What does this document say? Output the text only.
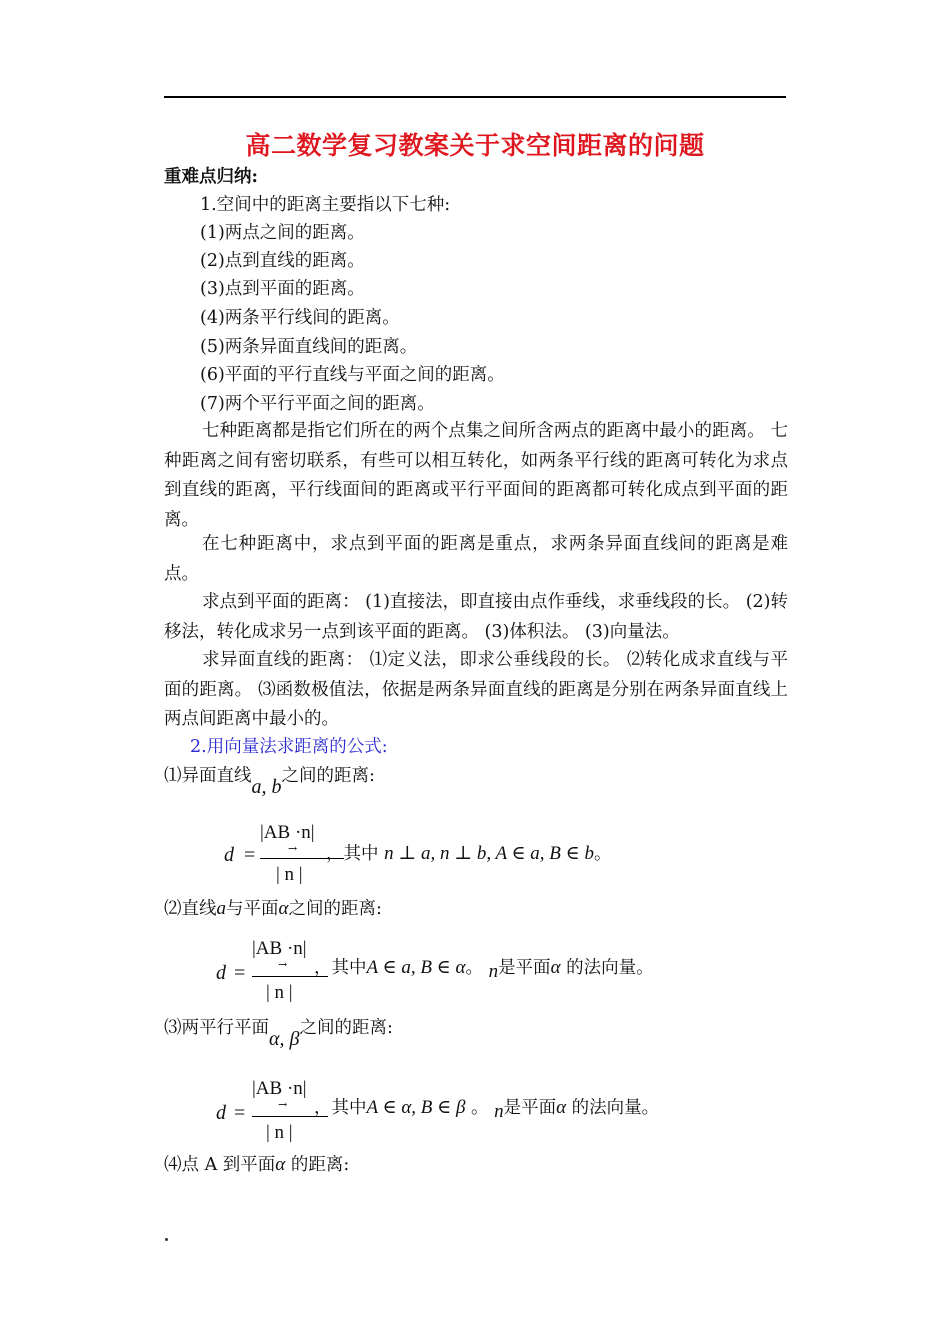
高二数学复习教案关于求空间距离的问题
重难点归纳:
1.空间中的距离主要指以下七种:
(1)两点之间的距离。
(2)点到直线的距离。
(3)点到平面的距离。
(4)两条平行线间的距离。
(5)两条异面直线间的距离。
(6)平面的平行直线与平面之间的距离。
(7)两个平行平面之间的距离。
七种距离都是指它们所在的两个点集之间所含两点的距离中最小的距离。 七种距离之间有密切联系，有些可以相互转化，如两条平行线的距离可转化为求点到直线的距离，平行线面间的距离或平行平面间的距离都可转化成点到平面的距离。
在七种距离中，求点到平面的距离是重点，求两条异面直线间的距离是难点。
求点到平面的距离： (1)直接法，即直接由点作垂线，求垂线段的长。 (2)转移法，转化成求另一点到该平面的距离。 (3)体积法。 (3)向量法。
求异面直线的距离： ⑴定义法，即求公垂线段的长。 ⑵转化成求直线与平面的距离。 ⑶函数极值法，依据是两条异面直线的距离是分别在两条异面直线上两点间距离中最小的。
2.用向量法求距离的公式:
⑴异面直线a, b之间的距离:
d =
|AB ·n|
→
| n |
，其中 n ⊥ a, n ⊥ b, A ∈ a, B ∈ b。
⑵直线a与平面α之间的距离:
d =
|AB ·n|
→
| n |
，其中A ∈ a, B ∈ α。 n是平面α 的法向量。
⑶两平行平面α, β之间的距离:
d =
|AB ·n|
→
| n |
，其中A ∈ α, B ∈ β 。 n是平面α 的法向量。
⑷点 A 到平面α 的距离:
